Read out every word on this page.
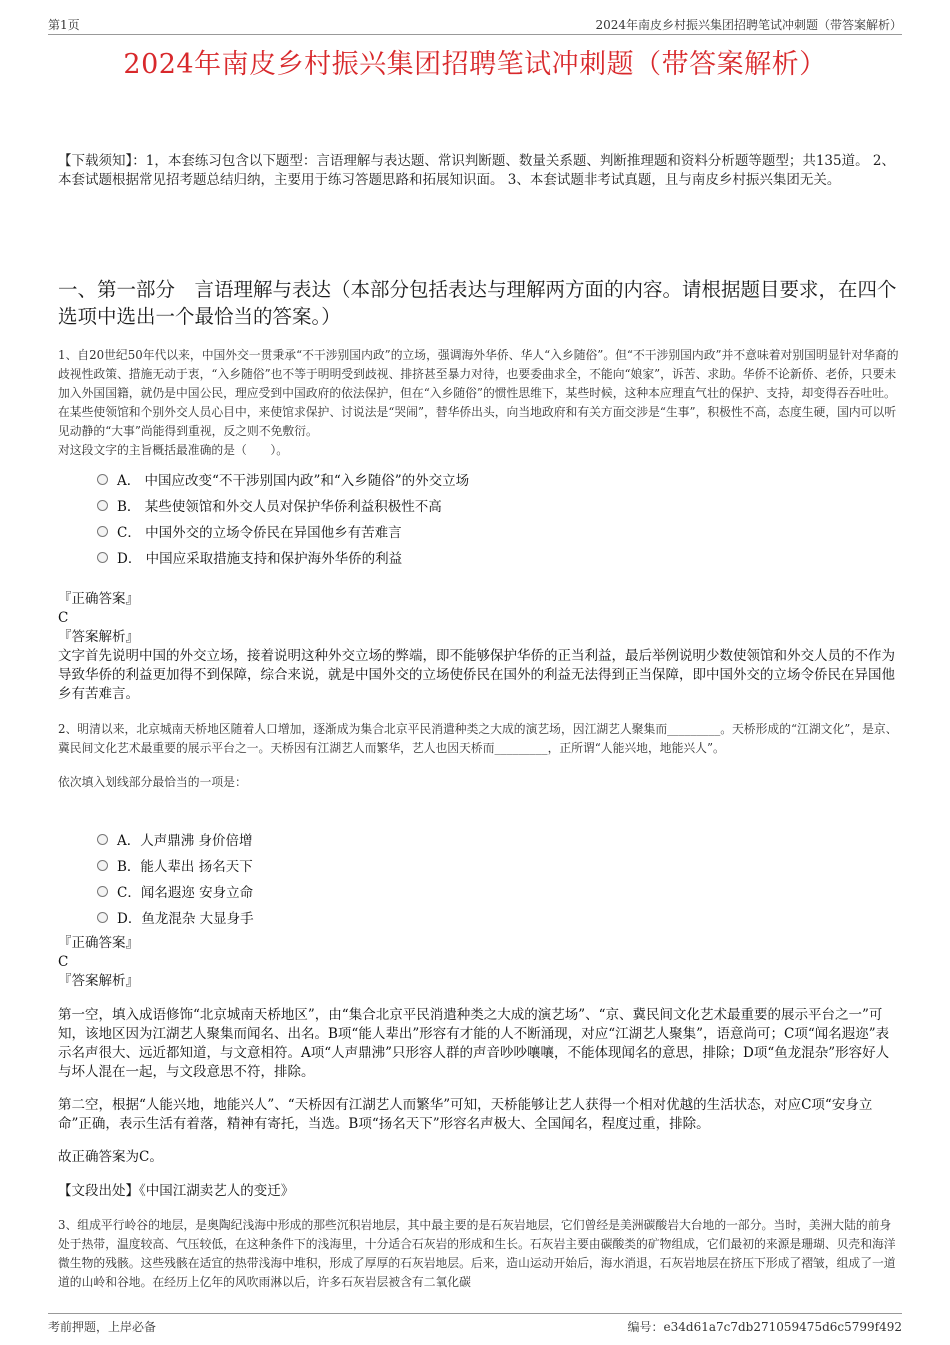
第1页	2024年南皮乡村振兴集团招聘笔试冲刺题（带答案解析）
2024年南皮乡村振兴集团招聘笔试冲刺题（带答案解析）
【下载须知】：1，本套练习包含以下题型：言语理解与表达题、常识判断题、数量关系题、判断推理题和资料分析题等题型；共135道。 2、本套试题根据常见招考题总结归纳，主要用于练习答题思路和拓展知识面。 3、本套试题非考试真题，且与南皮乡村振兴集团无关。
一、第一部分　言语理解与表达（本部分包括表达与理解两方面的内容。请根据题目要求，在四个选项中选出一个最恰当的答案。）
1、自20世纪50年代以来，中国外交一贯秉承“不干涉别国内政”的立场，强调海外华侨、华人“入乡随俗”。但“不干涉别国内政”并不意味着对别国明显针对华裔的歧视性政策、措施无动于衷，“入乡随俗”也不等于明明受到歧视、排挤甚至暴力对待，也要委曲求全，不能向“娘家”，诉苦、求助。华侨不论新侨、老侨，只要未加入外国国籍，就仍是中国公民，理应受到中国政府的依法保护，但在“入乡随俗”的惯性思维下，某些时候，这种本应理直气壮的保护、支持，却变得吞吞吐吐。在某些使领馆和个别外交人员心目中，来使馆求保护、讨说法是“哭闹”，替华侨出头，向当地政府和有关方面交涉是“生事”，积极性不高，态度生硬，国内可以听见动静的“大事”尚能得到重视，反之则不免敷衍。
对这段文字的主旨概括最准确的是（　　）。
A． 中国应改变“不干涉别国内政”和“入乡随俗”的外交立场
B． 某些使领馆和外交人员对保护华侨利益积极性不高
C． 中国外交的立场令侨民在异国他乡有苦难言
D． 中国应采取措施支持和保护海外华侨的利益

『正确答案』

C

『答案解析』

文字首先说明中国的外交立场，接着说明这种外交立场的弊端，即不能够保护华侨的正当利益，最后举例说明少数使领馆和外交人员的不作为导致华侨的利益更加得不到保障，综合来说，就是中国外交的立场使侨民在国外的利益无法得到正当保障，即中国外交的立场令侨民在异国他乡有苦难言。

2、明清以来，北京城南天桥地区随着人口增加，逐渐成为集合北京平民消遣种类之大成的演艺场，因江湖艺人聚集而_________。天桥形成的“江湖文化”，是京、冀民间文化艺术最重要的展示平台之一。天桥因有江湖艺人而繁华，艺人也因天桥而_________，正所谓“人能兴地，地能兴人”。
依次填入划线部分最恰当的一项是：
A．人声鼎沸 身价倍增
B．能人辈出 扬名天下
C．闻名遐迩 安身立命
D．鱼龙混杂 大显身手

『正确答案』

C

『答案解析』

第一空，填入成语修饰“北京城南天桥地区”，由“集合北京平民消遣种类之大成的演艺场”、“京、冀民间文化艺术最重要的展示平台之一”可知，该地区因为江湖艺人聚集而闻名、出名。B项“能人辈出”形容有才能的人不断涌现，对应“江湖艺人聚集”，语意尚可；C项“闻名遐迩”表示名声很大、远近都知道，与文意相符。A项“人声鼎沸”只形容人群的声音吵吵嚷嚷，不能体现闻名的意思，排除；D项“鱼龙混杂”形容好人与坏人混在一起，与文段意思不符，排除。
第二空，根据“人能兴地，地能兴人”、“天桥因有江湖艺人而繁华”可知，天桥能够让艺人获得一个相对优越的生活状态，对应C项“安身立命”正确，表示生活有着落，精神有寄托，当选。B项“扬名天下”形容名声极大、全国闻名，程度过重，排除。
故正确答案为C。
【文段出处】《中国江湖卖艺人的变迁》
3、组成平行岭谷的地层，是奥陶纪浅海中形成的那些沉积岩地层，其中最主要的是石灰岩地层，它们曾经是美洲碳酸岩大台地的一部分。当时，美洲大陆的前身处于热带，温度较高、气压较低，在这种条件下的浅海里，十分适合石灰岩的形成和生长。石灰岩主要由碳酸类的矿物组成，它们最初的来源是珊瑚、贝壳和海洋微生物的残骸。这些残骸在适宜的热带浅海中堆积，形成了厚厚的石灰岩地层。后来，造山运动开始后，海水消退，石灰岩地层在挤压下形成了褶皱，组成了一道道的山岭和谷地。在经历上亿年的风吹雨淋以后，许多石灰岩层被含有二氧化碳
考前押题，上岸必备	编号：e34d61a7c7db271059475d6c5799f492
